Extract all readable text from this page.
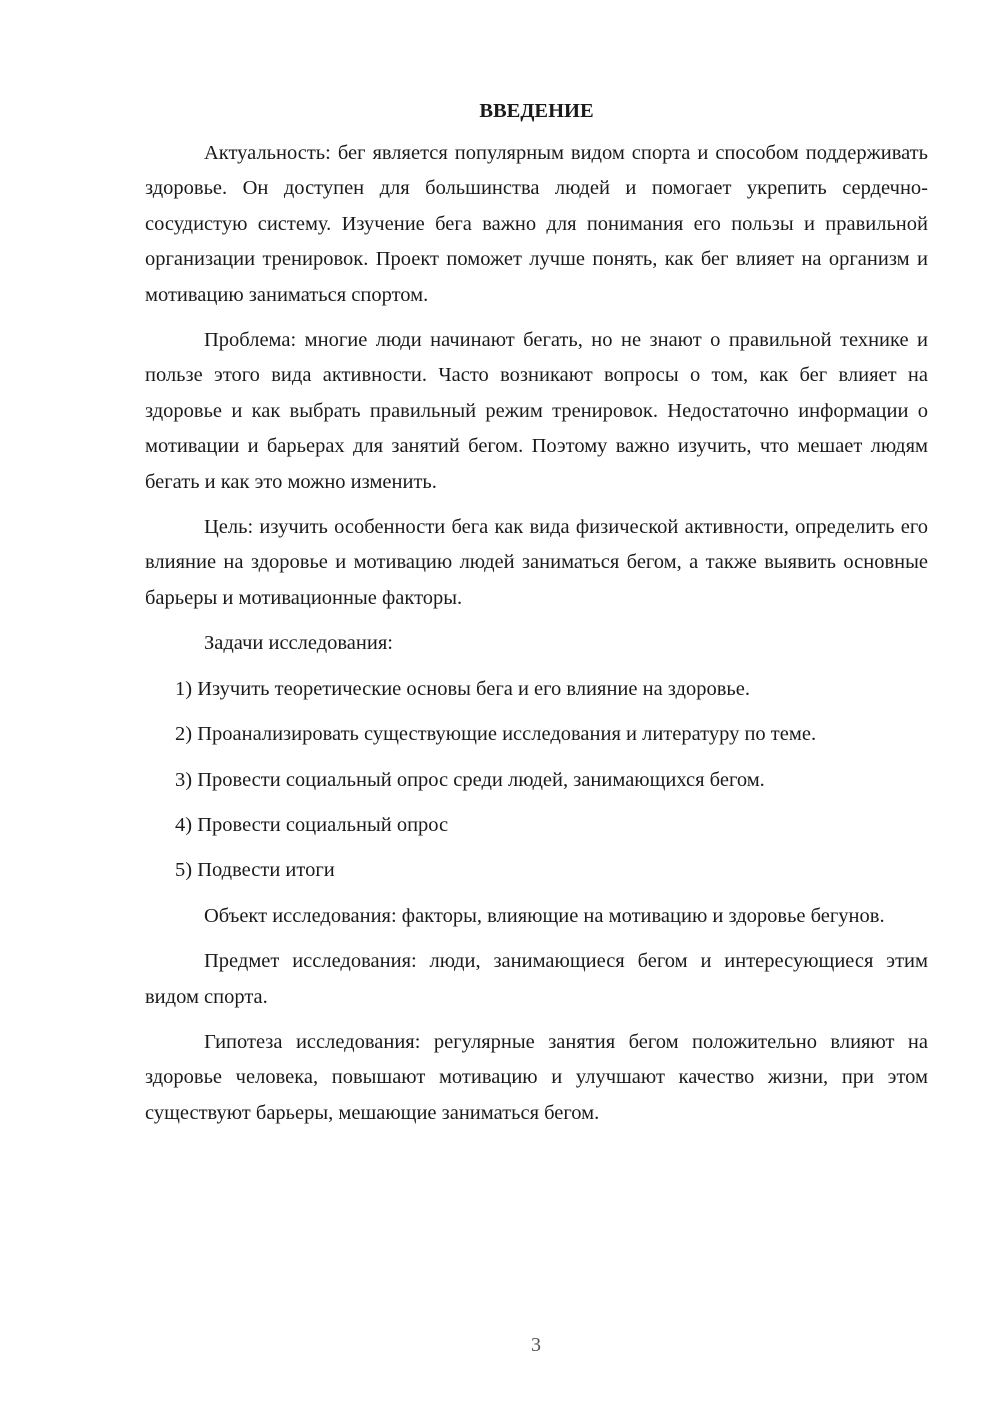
ВВЕДЕНИЕ

Актуальность: бег является популярным видом спорта и способом поддерживать здоровье. Он доступен для большинства людей и помогает укрепить сердечно-сосудистую систему. Изучение бега важно для понимания его пользы и правильной организации тренировок. Проект поможет лучше понять, как бег влияет на организм и мотивацию заниматься спортом.

Проблема: многие люди начинают бегать, но не знают о правильной технике и пользе этого вида активности. Часто возникают вопросы о том, как бег влияет на здоровье и как выбрать правильный режим тренировок. Недостаточно информации о мотивации и барьерах для занятий бегом. Поэтому важно изучить, что мешает людям бегать и как это можно изменить.

Цель: изучить особенности бега как вида физической активности, определить его влияние на здоровье и мотивацию людей заниматься бегом, а также выявить основные барьеры и мотивационные факторы.

Задачи исследования:

1) Изучить теоретические основы бега и его влияние на здоровье.

2) Проанализировать существующие исследования и литературу по теме.

3) Провести социальный опрос среди людей, занимающихся бегом.

4) Провести социальный опрос

5) Подвести итоги

Объект исследования: факторы, влияющие на мотивацию и здоровье бегунов.

Предмет исследования: люди, занимающиеся бегом и интересующиеся этим видом спорта.

Гипотеза исследования: регулярные занятия бегом положительно влияют на здоровье человека, повышают мотивацию и улучшают качество жизни, при этом существуют барьеры, мешающие заниматься бегом.

3
